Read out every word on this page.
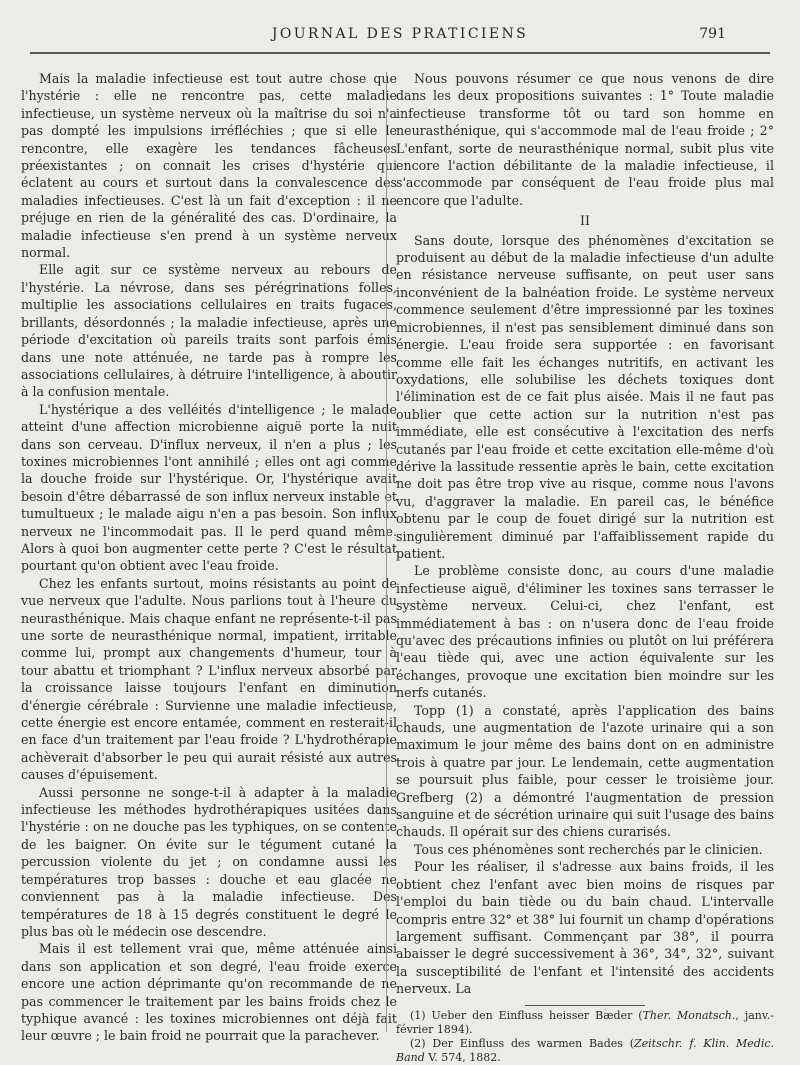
JOURNAL DES PRATICIENS	791

Mais la maladie infectieuse est tout autre chose que l'hystérie : elle ne rencontre pas, cette maladie infectieuse, un système nerveux où la maîtrise du soi n'a pas dompté les impulsions irréfléchies ; que si elle le rencontre, elle exagère les tendances fâcheuses préexistantes ; on connait les crises d'hystérie qui éclatent au cours et surtout dans la convalescence des maladies infectieuses. C'est là un fait d'exception : il ne préjuge en rien de la généralité des cas. D'ordinaire, la maladie infectieuse s'en prend à un système nerveux normal.

Elle agit sur ce système nerveux au rebours de l'hystérie. La névrose, dans ses pérégrinations folles, multiplie les associations cellulaires en traits fugaces, brillants, désordonnés ; la maladie infectieuse, après une période d'excitation où pareils traits sont parfois émis dans une note atténuée, ne tarde pas à rompre les associations cellulaires, à détruire l'intelligence, à aboutir à la confusion mentale.

L'hystérique a des velléités d'intelligence ; le malade atteint d'une affection microbienne aiguë porte la nuit dans son cerveau. D'influx nerveux, il n'en a plus ; les toxines microbiennes l'ont annihilé ; elles ont agi comme la douche froide sur l'hystérique. Or, l'hystérique avait besoin d'être débarrassé de son influx nerveux instable et tumultueux ; le malade aigu n'en a pas besoin. Son influx nerveux ne l'incommodait pas. Il le perd quand même. Alors à quoi bon augmenter cette perte ? C'est le résultat pourtant qu'on obtient avec l'eau froide.

Chez les enfants surtout, moins résistants au point de vue nerveux que l'adulte. Nous parlions tout à l'heure du neurasthénique. Mais chaque enfant ne représente-t-il pas une sorte de neurasthénique normal, impatient, irritable comme lui, prompt aux changements d'humeur, tour à tour abattu et triomphant ? L'influx nerveux absorbé par la croissance laisse toujours l'enfant en diminution d'énergie cérébrale : Survienne une maladie infectieuse, cette énergie est encore entamée, comment en resterait-il en face d'un traitement par l'eau froide ? L'hydrothérapie achèverait d'absorber le peu qui aurait résisté aux autres causes d'épuisement.

Aussi personne ne songe-t-il à adapter à la maladie infectieuse les méthodes hydrothérapiques usitées dans l'hystérie : on ne douche pas les typhiques, on se contente de les baigner. On évite sur le tégument cutané la percussion violente du jet ; on condamne aussi les températures trop basses : douche et eau glacée ne conviennent pas à la maladie infectieuse. Des températures de 18 à 15 degrés constituent le degré le plus bas où le médecin ose descendre.

Mais il est tellement vrai que, même atténuée ainsi dans son application et son degré, l'eau froide exerce encore une action déprimante qu'on recommande de ne pas commencer le traitement par les bains froids chez le typhique avancé : les toxines microbiennes ont déjà fait leur œuvre ; le bain froid ne pourrait que la parachever.

Nous pouvons résumer ce que nous venons de dire dans les deux propositions suivantes : 1° Toute maladie infectieuse transforme tôt ou tard son homme en neurasthénique, qui s'accommode mal de l'eau froide ; 2° L'enfant, sorte de neurasthénique normal, subit plus vite encore l'action débilitante de la maladie infectieuse, il s'accommode par conséquent de l'eau froide plus mal encore que l'adulte.

II

Sans doute, lorsque des phénomènes d'excitation se produisent au début de la maladie infectieuse d'un adulte en résistance nerveuse suffisante, on peut user sans inconvénient de la balnéation froide. Le système nerveux commence seulement d'être impressionné par les toxines microbiennes, il n'est pas sensiblement diminué dans son énergie. L'eau froide sera supportée : en favorisant comme elle fait les échanges nutritifs, en activant les oxydations, elle solubilise les déchets toxiques dont l'élimination est de ce fait plus aisée. Mais il ne faut pas oublier que cette action sur la nutrition n'est pas immédiate, elle est consécutive à l'excitation des nerfs cutanés par l'eau froide et cette excitation elle-même d'où dérive la lassitude ressentie après le bain, cette excitation ne doit pas être trop vive au risque, comme nous l'avons vu, d'aggraver la maladie. En pareil cas, le bénéfice obtenu par le coup de fouet dirigé sur la nutrition est singulièrement diminué par l'affaiblissement rapide du patient.

Le problème consiste donc, au cours d'une maladie infectieuse aiguë, d'éliminer les toxines sans terrasser le système nerveux. Celui-ci, chez l'enfant, est immédiatement à bas : on n'usera donc de l'eau froide qu'avec des précautions infinies ou plutôt on lui préférera l'eau tiède qui, avec une action équivalente sur les échanges, provoque une excitation bien moindre sur les nerfs cutanés.

Topp (1) a constaté, après l'application des bains chauds, une augmentation de l'azote urinaire qui a son maximum le jour même des bains dont on en administre trois à quatre par jour. Le lendemain, cette augmentation se poursuit plus faible, pour cesser le troisième jour. Grefberg (2) a démontré l'augmentation de pression sanguine et de sécrétion urinaire qui suit l'usage des bains chauds. Il opérait sur des chiens curarisés.

Tous ces phénomènes sont recherchés par le clinicien.

Pour les réaliser, il s'adresse aux bains froids, il les obtient chez l'enfant avec bien moins de risques par l'emploi du bain tiède ou du bain chaud. L'intervalle compris entre 32° et 38° lui fournit un champ d'opérations largement suffisant. Commençant par 38°, il pourra abaisser le degré successivement à 36°, 34°, 32°, suivant la susceptibilité de l'enfant et l'intensité des accidents nerveux. La

(1) Ueber den Einfluss heisser Bæder (Ther. Monatsch., janv.-février 1894).

(2) Der Einfluss des warmen Bades (Zeitschr. f. Klin. Medic. Band V. 574, 1882.
